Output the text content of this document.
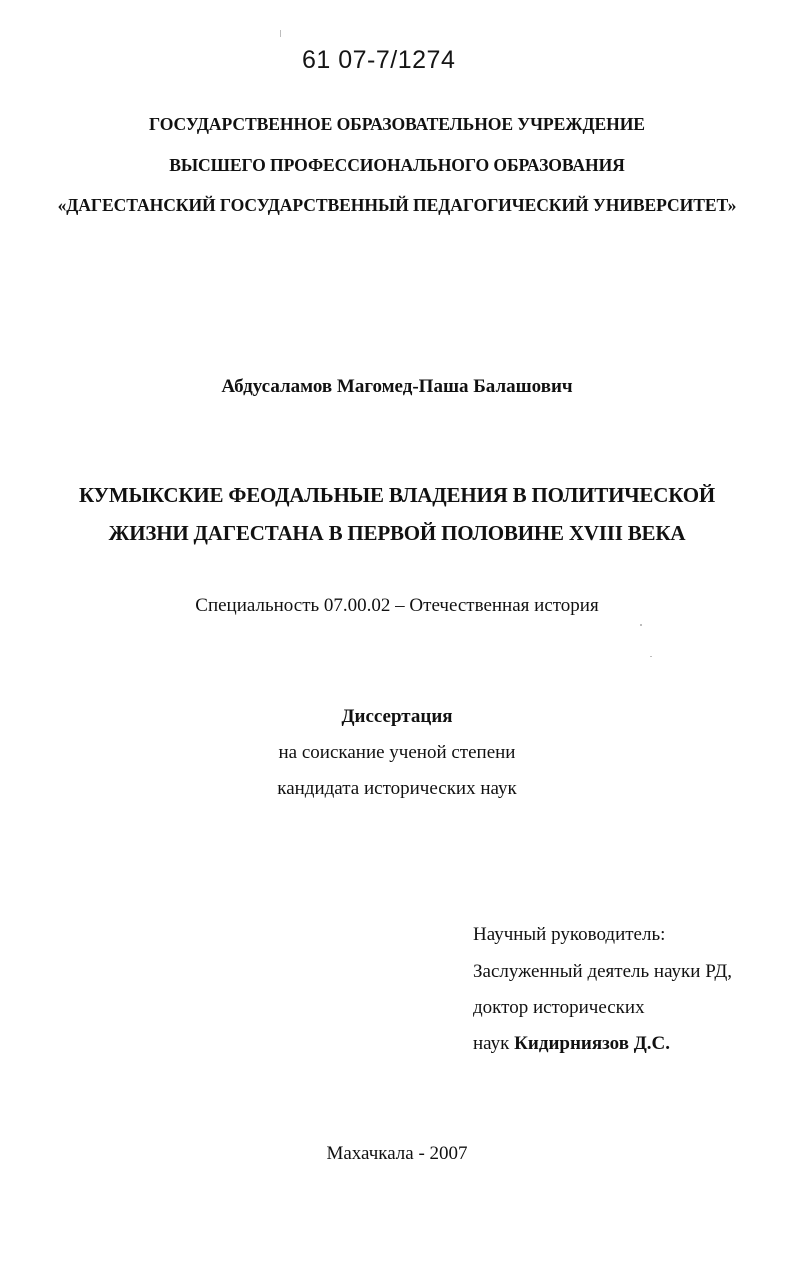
61 07-7/1274
ГОСУДАРСТВЕННОЕ ОБРАЗОВАТЕЛЬНОЕ УЧРЕЖДЕНИЕ
ВЫСШЕГО ПРОФЕССИОНАЛЬНОГО ОБРАЗОВАНИЯ
«ДАГЕСТАНСКИЙ ГОСУДАРСТВЕННЫЙ ПЕДАГОГИЧЕСКИЙ УНИВЕРСИТЕТ»
Абдусаламов Магомед-Паша Балашович
КУМЫКСКИЕ ФЕОДАЛЬНЫЕ ВЛАДЕНИЯ В ПОЛИТИЧЕСКОЙ
ЖИЗНИ ДАГЕСТАНА В ПЕРВОЙ ПОЛОВИНЕ XVIII ВЕКА
Специальность 07.00.02 – Отечественная история
Диссертация
на соискание ученой степени
кандидата исторических наук
Научный руководитель:
Заслуженный деятель науки РД,
доктор исторических
наук Кидирниязов Д.С.
Махачкала - 2007
